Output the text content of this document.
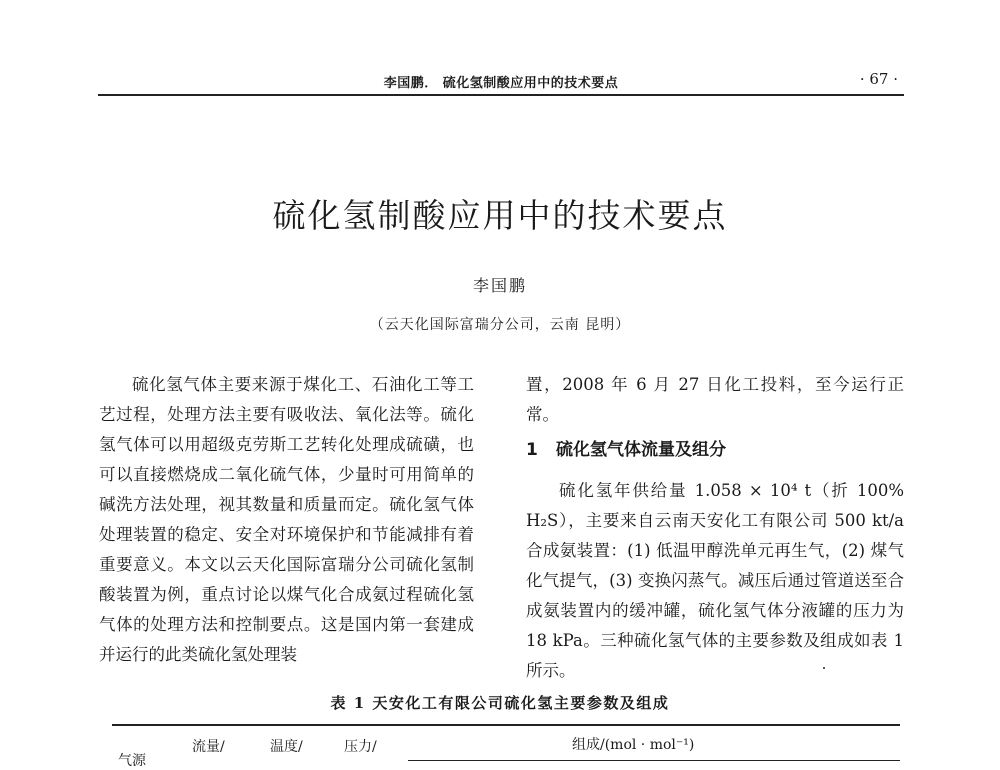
李国鹏． 硫化氢制酸应用中的技术要点	· 67 ·
硫化氢制酸应用中的技术要点
李国鹏
（云天化国际富瑞分公司，云南 昆明）

硫化氢气体主要来源于煤化工、石油化工等工艺过程，处理方法主要有吸收法、氧化法等。硫化氢气体可以用超级克劳斯工艺转化处理成硫磺，也可以直接燃烧成二氧化硫气体，少量时可用简单的碱洗方法处理，视其数量和质量而定。硫化氢气体处理装置的稳定、安全对环境保护和节能减排有着重要意义。本文以云天化国际富瑞分公司硫化氢制酸装置为例，重点讨论以煤气化合成氨过程硫化氢气体的处理方法和控制要点。这是国内第一套建成并运行的此类硫化氢处理装

置，2008 年 6 月 27 日化工投料，至今运行正常。

1 硫化氢气体流量及组分

硫化氢年供给量 1.058 × 10⁴ t（折 100% H₂S），主要来自云南天安化工有限公司 500 kt/a 合成氨装置：(1) 低温甲醇洗单元再生气，(2) 煤气化气提气，(3) 变换闪蒸气。减压后通过管道送至合成氨装置内的缓冲罐，硫化氢气体分液罐的压力为 18 kPa。三种硫化氢气体的主要参数及组成如表 1 所示。

表 1 天安化工有限公司硫化氢主要参数及组成
气源
流量/	温度/	压力/	组成/(mol · mol⁻¹)
